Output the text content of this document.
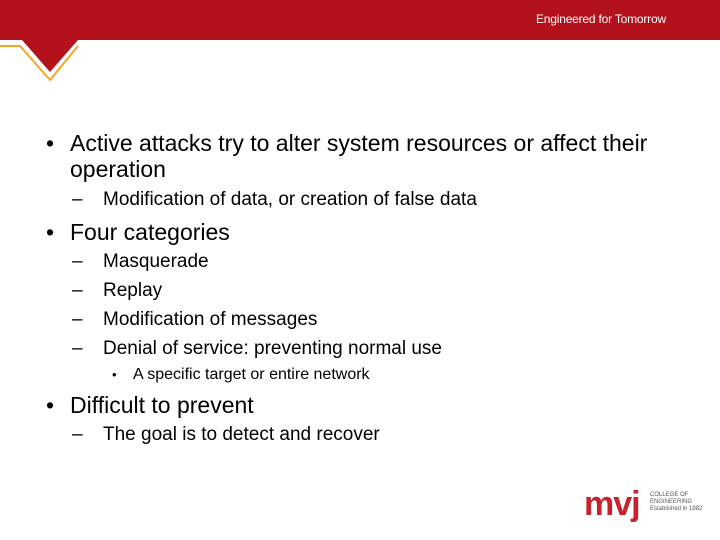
Engineered for Tomorrow
• Active attacks try to alter system resources or affect their operation
– Modification of data, or creation of false data
• Four categories
– Masquerade
– Replay
– Modification of messages
– Denial of service: preventing normal use
• A specific target or entire network
• Difficult to prevent
– The goal is to detect and recover
mvj COLLEGE OF
ENGINEERING
Established in 1982
